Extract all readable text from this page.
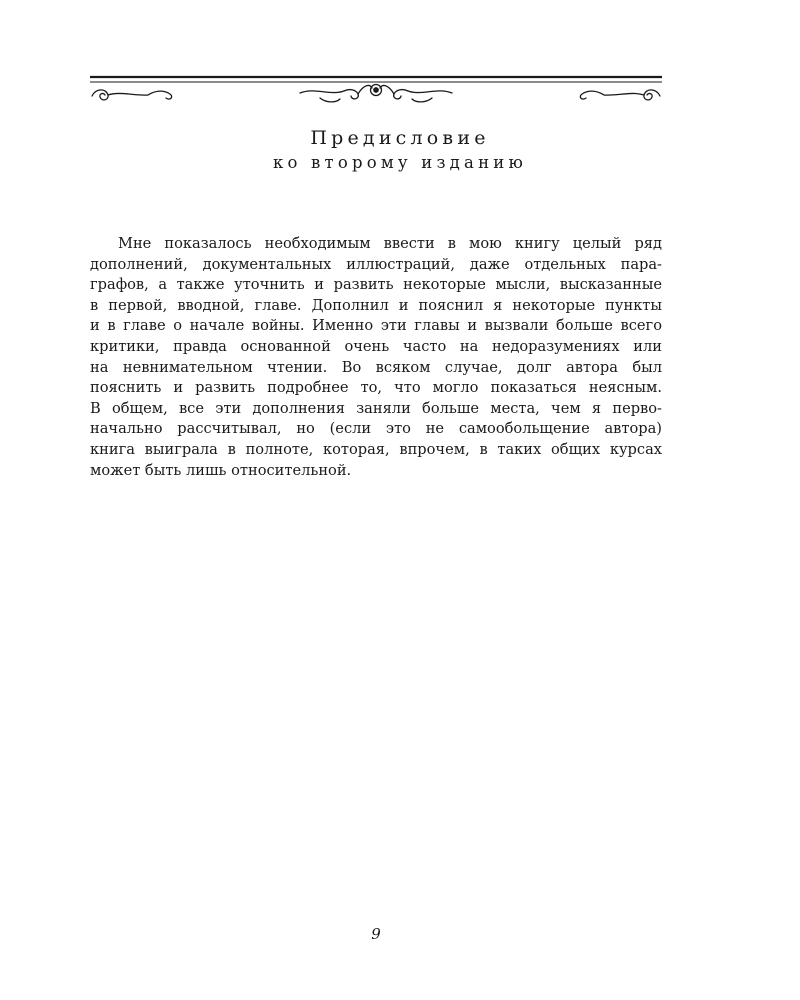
Предисловие
ко второму изданию
Мне показалось необходимым ввести в мою книгу целый ряд
дополнений, документальных иллюстраций, даже отдельных пара-
графов, а также уточнить и развить некоторые мысли, высказанные
в первой, вводной, главе. Дополнил и пояснил я некоторые пункты
и в главе о начале войны. Именно эти главы и вызвали больше всего
критики, правда основанной очень часто на недоразумениях или
на невнимательном чтении. Во всяком случае, долг автора был
пояснить и развить подробнее то, что могло показаться неясным.
В общем, все эти дополнения заняли больше места, чем я перво-
начально рассчитывал, но (если это не самообольщение автора)
книга выиграла в полноте, которая, впрочем, в таких общих курсах
может быть лишь относительной.
9
